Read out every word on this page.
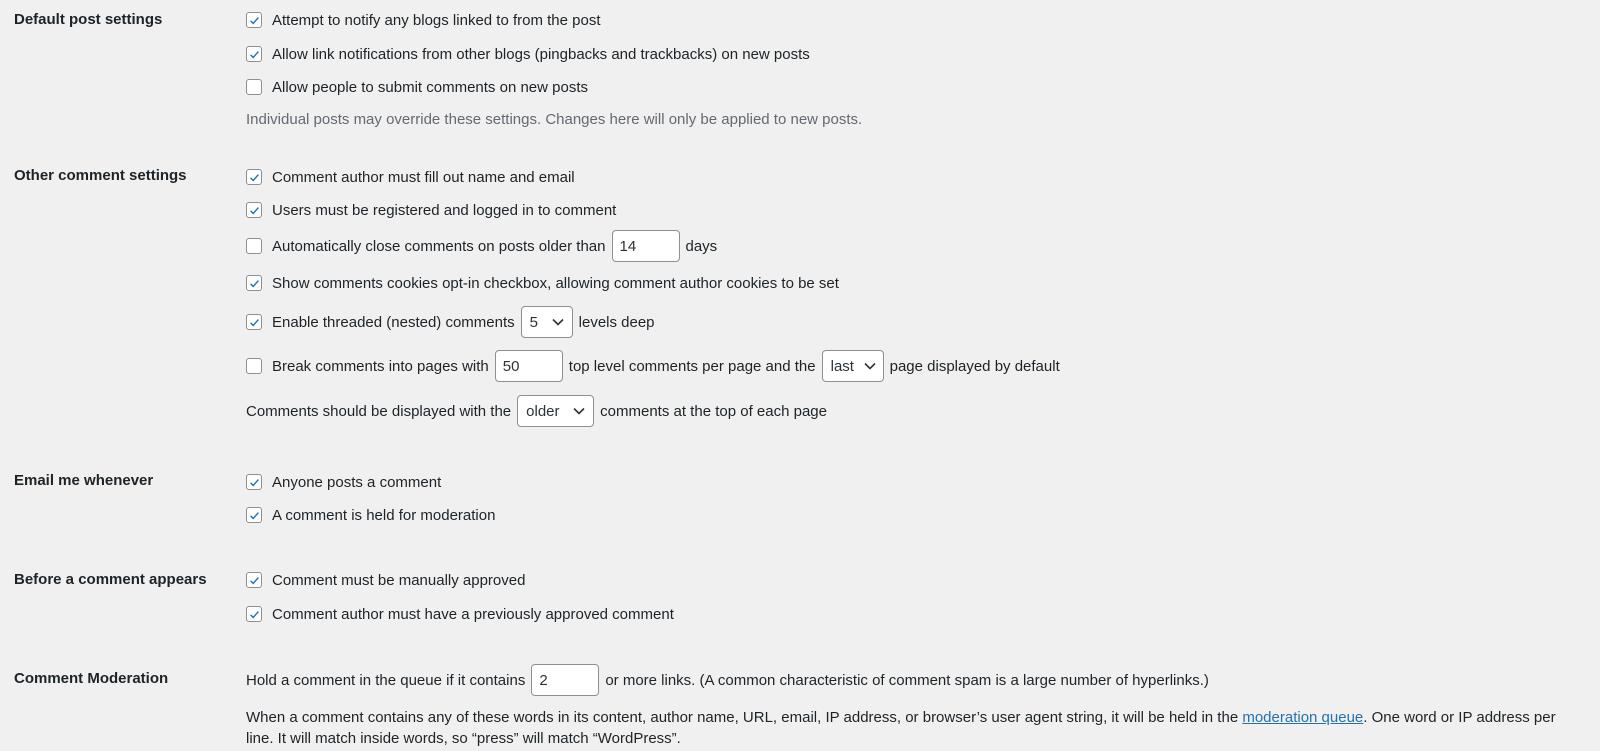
Default post settings	Attempt to notify any blogs linked to from the post
Allow link notifications from other blogs (pingbacks and trackbacks) on new posts
Allow people to submit comments on new posts
Individual posts may override these settings. Changes here will only be applied to new posts.
Other comment settings	Comment author must fill out name and email
Users must be registered and logged in to comment
Automatically close comments on posts older than 14	days
Show comments cookies opt-in checkbox, allowing comment author cookies to be set
Enable threaded (nested) comments 5	levels deep
Break comments into pages with 50	top level comments per page and the last page displayed by default
Comments should be displayed with the older	comments at the top of each page
Email me whenever	Anyone posts a comment
A comment is held for moderation
Before a comment appears	Comment must be manually approved
Comment author must have a previously approved comment
Comment Moderation	Hold a comment in the queue if it contains 2	or more links. (A common characteristic of comment spam is a large number of hyperlinks.)
When a comment contains any of these words in its content, author name, URL, email, IP address, or browser’s user agent string, it will be held in the moderation queue. One word or IP address per line. It will match inside words, so “press” will match “WordPress”.
